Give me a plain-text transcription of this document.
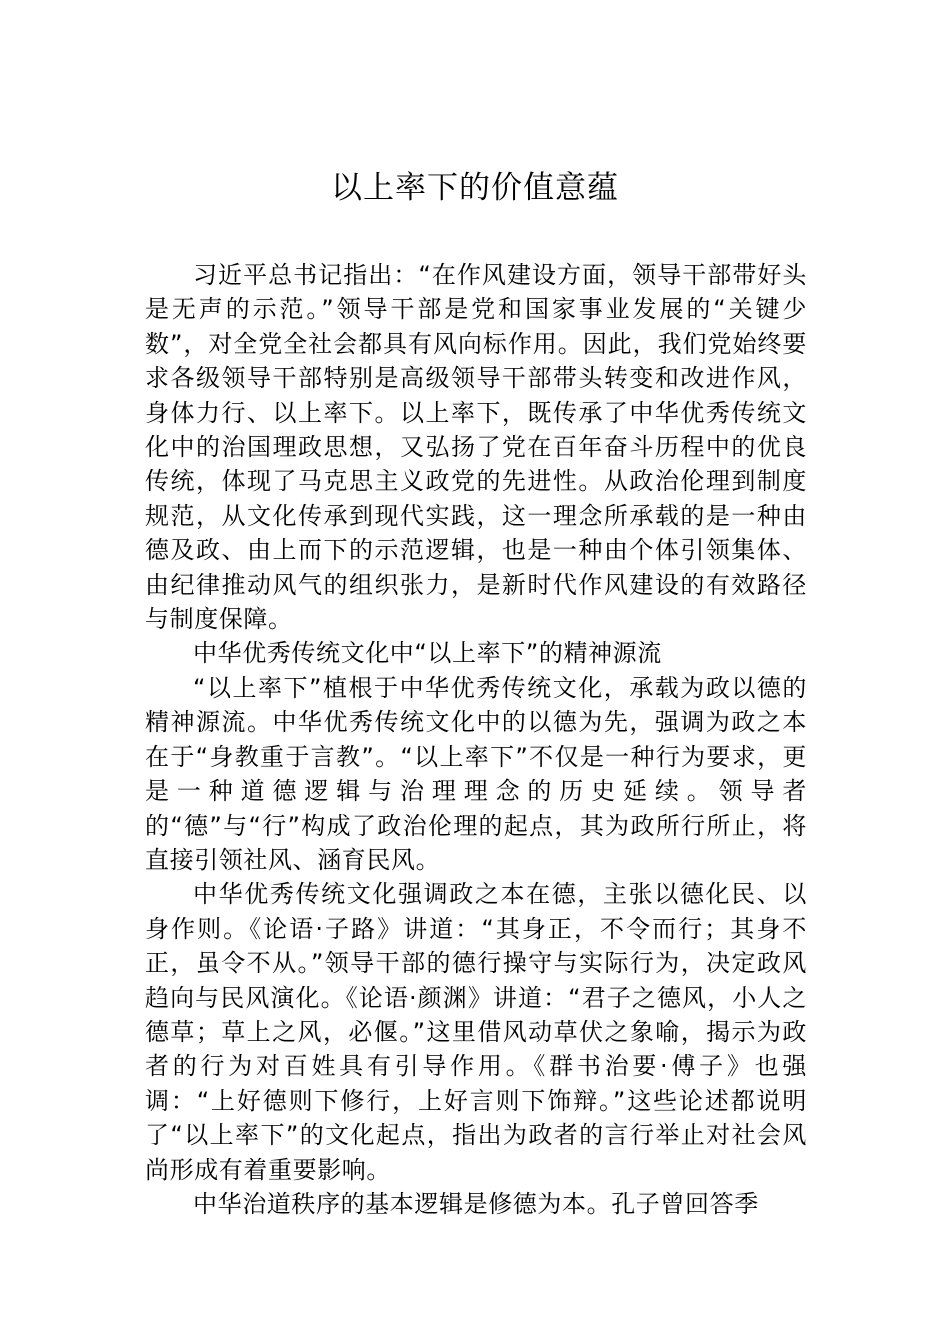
以上率下的价值意蕴

习近平总书记指出：“在作风建设方面，领导干部带好头是无声的示范。”领导干部是党和国家事业发展的“关键少数”，对全党全社会都具有风向标作用。因此，我们党始终要求各级领导干部特别是高级领导干部带头转变和改进作风，身体力行、以上率下。以上率下，既传承了中华优秀传统文化中的治国理政思想，又弘扬了党在百年奋斗历程中的优良传统，体现了马克思主义政党的先进性。从政治伦理到制度规范，从文化传承到现代实践，这一理念所承载的是一种由德及政、由上而下的示范逻辑，也是一种由个体引领集体、由纪律推动风气的组织张力，是新时代作风建设的有效路径与制度保障。

中华优秀传统文化中“以上率下”的精神源流

“以上率下”植根于中华优秀传统文化，承载为政以德的精神源流。中华优秀传统文化中的以德为先，强调为政之本在于“身教重于言教”。“以上率下”不仅是一种行为要求，更是一种道德逻辑与治理理念的历史延续。领导者的“德”与“行”构成了政治伦理的起点，其为政所行所止，将直接引领社风、涵育民风。

中华优秀传统文化强调政之本在德，主张以德化民、以身作则。《论语·子路》讲道：“其身正，不令而行；其身不正，虽令不从。”领导干部的德行操守与实际行为，决定政风趋向与民风演化。《论语·颜渊》讲道：“君子之德风，小人之德草；草上之风，必偃。”这里借风动草伏之象喻，揭示为政者的行为对百姓具有引导作用。《群书治要·傅子》也强调：“上好德则下修行，上好言则下饰辩。”这些论述都说明了“以上率下”的文化起点，指出为政者的言行举止对社会风尚形成有着重要影响。

中华治道秩序的基本逻辑是修德为本。孔子曾回答季
